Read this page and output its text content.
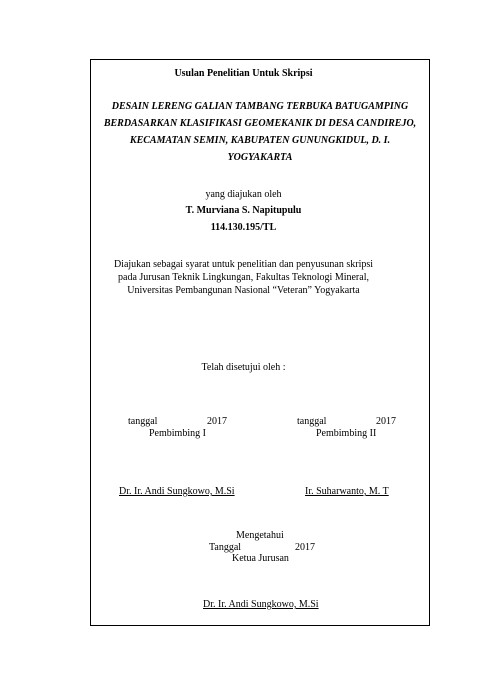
Usulan Penelitian Untuk Skripsi
DESAIN LERENG GALIAN TAMBANG TERBUKA BATUGAMPING
BERDASARKAN KLASIFIKASI GEOMEKANIK DI DESA CANDIREJO,
KECAMATAN SEMIN, KABUPATEN GUNUNGKIDUL, D. I.
YOGYAKARTA
yang diajukan oleh
T. Murviana S. Napitupulu
114.130.195/TL
Diajukan sebagai syarat untuk penelitian dan penyusunan skripsi
pada Jurusan Teknik Lingkungan, Fakultas Teknologi Mineral,
Universitas Pembangunan Nasional “Veteran” Yogyakarta
Telah disetujui oleh :
tanggal	2017
Pembimbing I
Dr. Ir. Andi Sungkowo, M.Si
tanggal	2017
Pembimbing II
Ir. Suharwanto, M. T
Mengetahui
Tanggal	2017
Ketua Jurusan
Dr. Ir. Andi Sungkowo, M.Si
